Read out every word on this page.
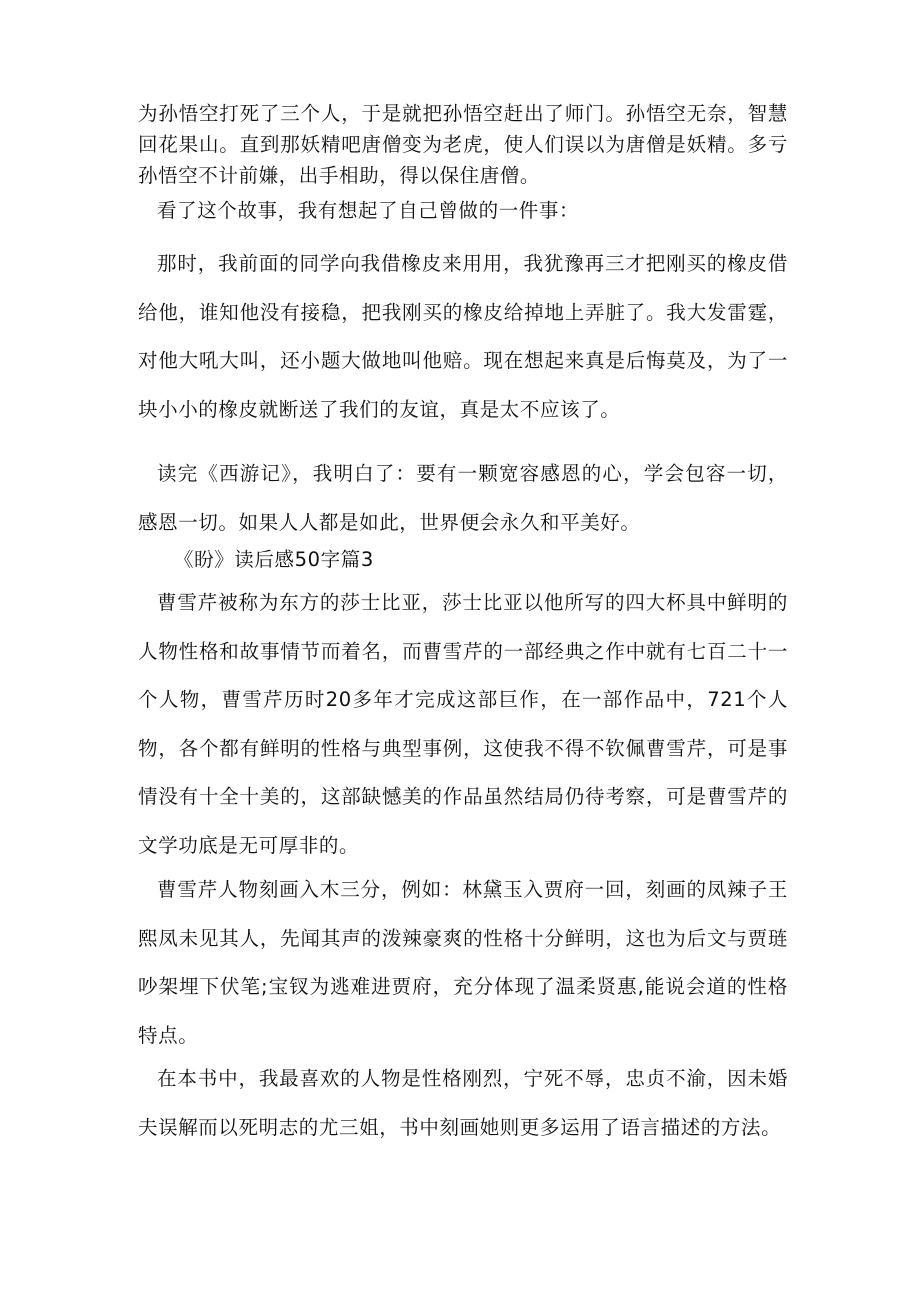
为孙悟空打死了三个人，于是就把孙悟空赶出了师门。孙悟空无奈，智慧回花果山。直到那妖精吧唐僧变为老虎，使人们误以为唐僧是妖精。多亏孙悟空不计前嫌，出手相助，得以保住唐僧。

看了这个故事，我有想起了自己曾做的一件事：

那时，我前面的同学向我借橡皮来用用，我犹豫再三才把刚买的橡皮借给他，谁知他没有接稳，把我刚买的橡皮给掉地上弄脏了。我大发雷霆，对他大吼大叫，还小题大做地叫他赔。现在想起来真是后悔莫及，为了一块小小的橡皮就断送了我们的友谊，真是太不应该了。

读完《西游记》，我明白了：要有一颗宽容感恩的心，学会包容一切，感恩一切。如果人人都是如此，世界便会永久和平美好。

《盼》读后感50字篇3

曹雪芹被称为东方的莎士比亚，莎士比亚以他所写的四大杯具中鲜明的人物性格和故事情节而着名，而曹雪芹的一部经典之作中就有七百二十一个人物，曹雪芹历时20多年才完成这部巨作，在一部作品中，721个人物，各个都有鲜明的性格与典型事例，这使我不得不钦佩曹雪芹，可是事情没有十全十美的，这部缺憾美的作品虽然结局仍待考察，可是曹雪芹的文学功底是无可厚非的。

曹雪芹人物刻画入木三分，例如：林黛玉入贾府一回，刻画的凤辣子王熙凤未见其人，先闻其声的泼辣豪爽的性格十分鲜明，这也为后文与贾琏吵架埋下伏笔;宝钗为逃难进贾府，充分体现了温柔贤惠,能说会道的性格特点。

在本书中，我最喜欢的人物是性格刚烈，宁死不辱，忠贞不渝，因未婚夫误解而以死明志的尤三姐，书中刻画她则更多运用了语言描述的方法。
